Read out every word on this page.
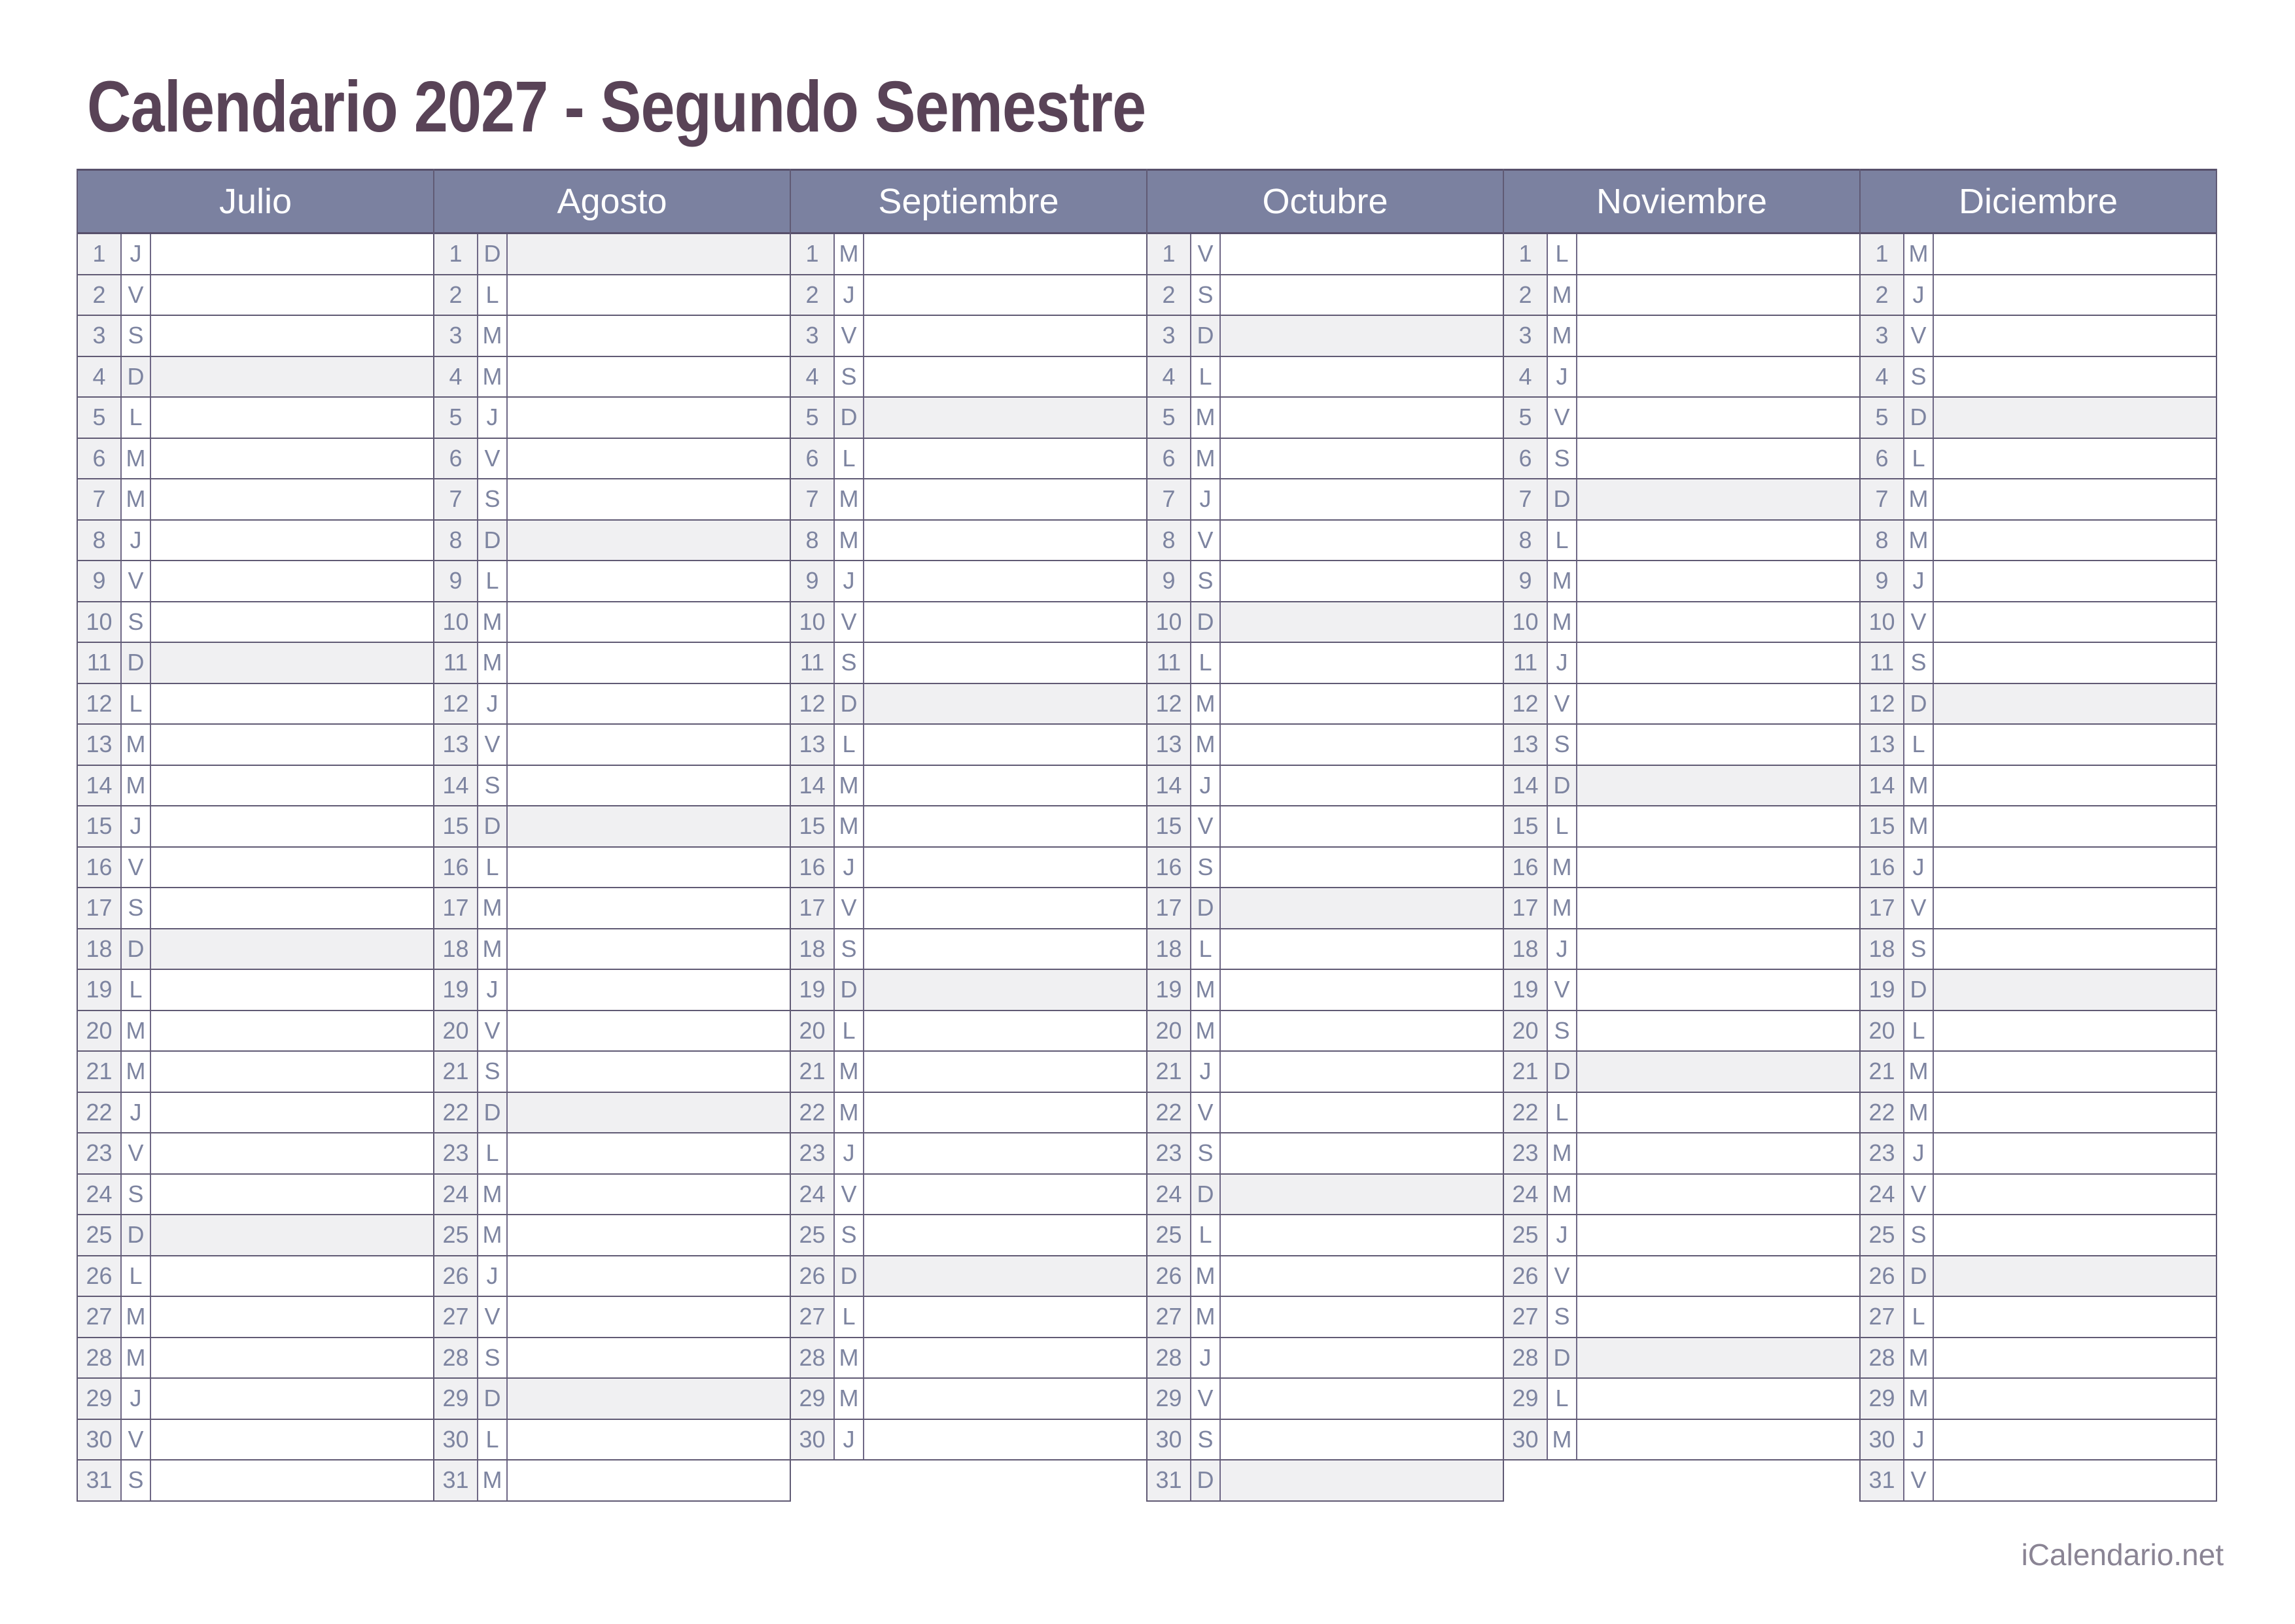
Calendario 2027 - Segundo Semestre
Julio
1	J
2 V
3 S
4 D
5 L
6 M
7 M
8	J
9 V
10 S
11 D
12 L
13 M
14 M
15 J
16 V
17 S
18 D
19 L
20 M
21 M
22 J
23 V
24 S
25 D
26 L
27 M
28 M
29 J
30 V
31 S
Agosto
1 D
2 L
3 M
4 M
5	J
6 V
7 S
8 D
9 L
10 M
11 M
12 J
13 V
14 S
15 D
16 L
17 M
18 M
19 J
20 V
21 S
22 D
23 L
24 M
25 M
26 J
27 V
28 S
29 D
30 L
31 M
Septiembre
1 M
2	J
3 V
4 S
5 D
6 L
7 M
8 M
9	J
10 V
11 S
12 D
13 L
14 M
15 M
16 J
17 V
18 S
19 D
20 L
21 M
22 M
23 J
24 V
25 S
26 D
27 L
28 M
29 M
30 J
Octubre
1 V
2 S
3 D
4 L
5 M
6 M
7	J
8 V
9 S
10 D
11 L
12 M
13 M
14 J
15 V
16 S
17 D
18 L
19 M
20 M
21 J
22 V
23 S
24 D
25 L
26 M
27 M
28 J
29 V
30 S
31 D
Noviembre
1 L
2 M
3 M
4	J
5 V
6 S
7 D
8 L
9 M
10 M
11 J
12 V
13 S
14 D
15 L
16 M
17 M
18 J
19 V
20 S
21 D
22 L
23 M
24 M
25 J
26 V
27 S
28 D
29 L
30 M
Diciembre
1 M
2	J
3 V
4 S
5 D
6 L
7 M
8 M
9	J
10 V
11 S
12 D
13 L
14 M
15 M
16 J
17 V
18 S
19 D
20 L
21 M
22 M
23 J
24 V
25 S
26 D
27 L
28 M
29 M
30 J
31 V
iCalendario.net
